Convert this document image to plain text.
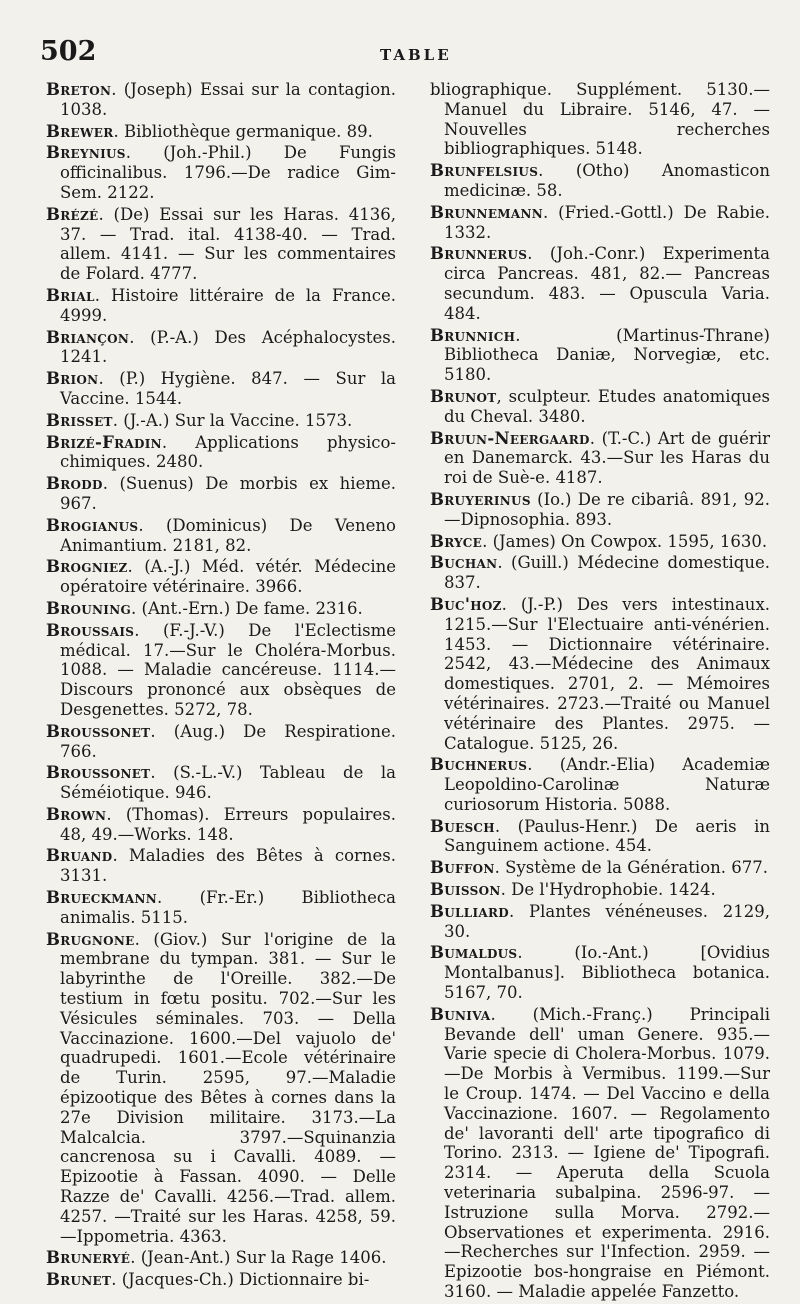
502	TABLE

Breton. (Joseph) Essai sur la contagion. 1038.

Brewer. Bibliothèque germanique. 89.

Breynius. (Joh.-Phil.) De Fungis officinalibus. 1796.—De radice Gim-Sem. 2122.

Brézé. (De) Essai sur les Haras. 4136, 37. — Trad. ital. 4138-40. — Trad. allem. 4141. — Sur les commentaires de Folard. 4777.

Brial. Histoire littéraire de la France. 4999.

Briançon. (P.-A.) Des Acéphalocystes. 1241.

Brion. (P.) Hygiène. 847. — Sur la Vaccine. 1544.

Brisset. (J.-A.) Sur la Vaccine. 1573.

Brizé-Fradin. Applications physico-chimiques. 2480.

Brodd. (Suenus) De morbis ex hieme. 967.

Brogianus. (Dominicus) De Veneno Animantium. 2181, 82.

Brogniez. (A.-J.) Méd. vétér. Médecine opératoire vétérinaire. 3966.

Brouning. (Ant.-Ern.) De fame. 2316.

Broussais. (F.-J.-V.) De l'Eclectisme médical. 17.—Sur le Choléra-Morbus. 1088. — Maladie cancéreuse. 1114.—Discours prononcé aux obsèques de Desgenettes. 5272, 78.

Broussonet. (Aug.) De Respiratione. 766.

Broussonet. (S.-L.-V.) Tableau de la Séméiotique. 946.

Brown. (Thomas). Erreurs populaires. 48, 49.—Works. 148.

Bruand. Maladies des Bêtes à cornes. 3131.

Brueckmann. (Fr.-Er.) Bibliotheca animalis. 5115.

Brugnone. (Giov.) Sur l'origine de la membrane du tympan. 381. — Sur le labyrinthe de l'Oreille. 382.—De testium in fœtu positu. 702.—Sur les Vésicules séminales. 703. — Della Vaccinazione. 1600.—Del vajuolo de' quadrupedi. 1601.—Ecole vétérinaire de Turin. 2595, 97.—Maladie épizootique des Bêtes à cornes dans la 27e Division militaire. 3173.—La Malcalcia. 3797.—Squinanzia cancrenosa su i Cavalli. 4089. — Epizootie à Fassan. 4090. — Delle Razze de' Cavalli. 4256.—Trad. allem. 4257. —Traité sur les Haras. 4258, 59.—Ippometria. 4363.

Bruneryé. (Jean-Ant.) Sur la Rage 1406.

Brunet. (Jacques-Ch.) Dictionnaire bi-

bliographique. Supplément. 5130.— Manuel du Libraire. 5146, 47. — Nouvelles recherches bibliographiques. 5148.

Brunfelsius. (Otho) Anomasticon medicinæ. 58.

Brunnemann. (Fried.-Gottl.) De Rabie. 1332.

Brunnerus. (Joh.-Conr.) Experimenta circa Pancreas. 481, 82.— Pancreas secundum. 483. — Opuscula Varia. 484.

Brunnich. (Martinus-Thrane) Bibliotheca Daniæ, Norvegiæ, etc. 5180.

Brunot, sculpteur. Etudes anatomiques du Cheval. 3480.

Bruun-Neergaard. (T.-C.) Art de guérir en Danemarck. 43.—Sur les Haras du roi de Suè-e. 4187.

Bruyerinus (Io.) De re cibariâ. 891, 92. —Dipnosophia. 893.

Bryce. (James) On Cowpox. 1595, 1630.

Buchan. (Guill.) Médecine domestique. 837.

Buc'hoz. (J.-P.) Des vers intestinaux. 1215.—Sur l'Electuaire anti-vénérien. 1453. — Dictionnaire vétérinaire. 2542, 43.—Médecine des Animaux domestiques. 2701, 2. — Mémoires vétérinaires. 2723.—Traité ou Manuel vétérinaire des Plantes. 2975. — Catalogue. 5125, 26.

Buchnerus. (Andr.-Elia) Academiæ Leopoldino-Carolinæ Naturæ curiosorum Historia. 5088.

Buesch. (Paulus-Henr.) De aeris in Sanguinem actione. 454.

Buffon. Système de la Génération. 677.

Buisson. De l'Hydrophobie. 1424.

Bulliard. Plantes vénéneuses. 2129, 30.

Bumaldus. (Io.-Ant.) [Ovidius Montalbanus]. Bibliotheca botanica. 5167, 70.

Buniva. (Mich.-Franç.) Principali Bevande dell' uman Genere. 935.—Varie specie di Cholera-Morbus. 1079.—De Morbis à Vermibus. 1199.—Sur le Croup. 1474. — Del Vaccino e della Vaccinazione. 1607. — Regolamento de' lavoranti dell' arte tipografico di Torino. 2313. — Igiene de' Tipografi. 2314. — Aperuta della Scuola veterinaria subalpina. 2596-97. — Istruzione sulla Morva. 2792.—Observationes et experimenta. 2916.—Recherches sur l'Infection. 2959. — Epizootie bos-hongraise en Piémont. 3160. — Maladie appelée Fanzetto.
